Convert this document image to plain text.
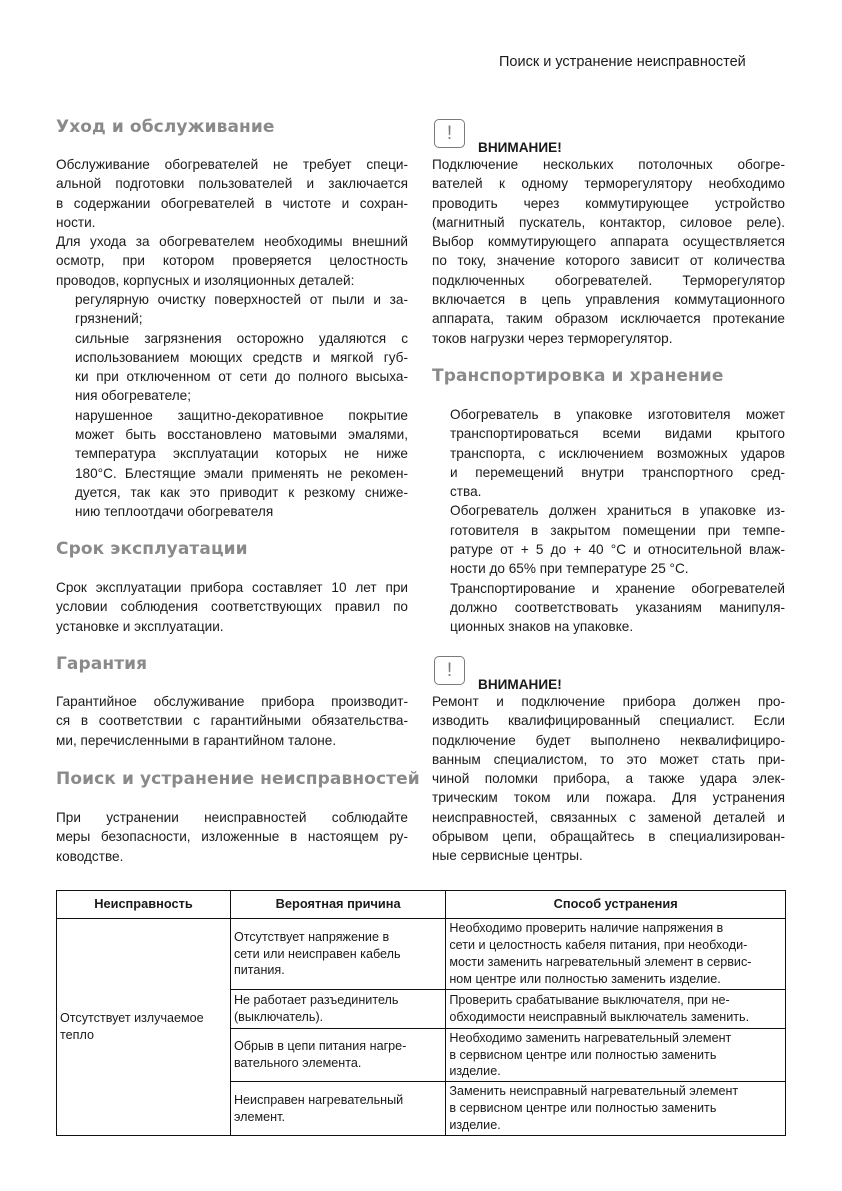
Поиск и устранение неисправностей
Уход и обслуживание
Обслуживание обогревателей не требует специ-
альной подготовки пользователей и заключается
в содержании обогревателей в чистоте и сохран-
ности.
Для ухода за обогревателем необходимы внешний
осмотр, при котором проверяется целостность
проводов, корпусных и изоляционных деталей:
регулярную очистку поверхностей от пыли и за-
грязнений;
сильные загрязнения осторожно удаляются с
использованием моющих средств и мягкой губ-
ки при отключенном от сети до полного высыха-
ния обогревателе;
нарушенное защитно-декоративное покрытие
может быть восстановлено матовыми эмалями,
температура эксплуатации которых не ниже
180°С. Блестящие эмали применять не рекомен-
дуется, так как это приводит к резкому сниже-
нию теплоотдачи обогревателя
Срок эксплуатации
Срок эксплуатации прибора составляет 10 лет при
условии соблюдения соответствующих правил по
установке и эксплуатации.
Гарантия
Гарантийное обслуживание прибора производит-
ся в соответствии с гарантийными обязательства-
ми, перечисленными в гарантийном талоне.
Поиск и устранение неисправностей
При устранении неисправностей соблюдайте
меры безопасности, изложенные в настоящем ру-
ководстве.
!
ВНИМАНИЕ!
Подключение нескольких потолочных обогре-
вателей к одному терморегулятору необходимо
проводить через коммутирующее устройство
(магнитный пускатель, контактор, силовое реле).
Выбор коммутирующего аппарата осуществляется
по току, значение которого зависит от количества
подключенных обогревателей. Терморегулятор
включается в цепь управления коммутационного
аппарата, таким образом исключается протекание
токов нагрузки через терморегулятор.
Транспортировка и хранение
Обогреватель в упаковке изготовителя может
транспортироваться всеми видами крытого
транспорта, с исключением возможных ударов
и перемещений внутри транспортного сред-
ства.
Обогреватель должен храниться в упаковке из-
готовителя в закрытом помещении при темпе-
ратуре от + 5 до + 40 °С и относительной влаж-
ности до 65% при температуре 25 °С.
Транспортирование и хранение обогревателей
должно соответствовать указаниям манипуля-
ционных знаков на упаковке.
!
ВНИМАНИЕ!
Ремонт и подключение прибора должен про-
изводить квалифицированный специалист. Если
подключение будет выполнено неквалифициро-
ванным специалистом, то это может стать при-
чиной поломки прибора, а также удара элек-
трическим током или пожара. Для устранения
неисправностей, связанных с заменой деталей и
обрывом цепи, обращайтесь в специализирован-
ные сервисные центры.
Неисправность	Вероятная причина	Способ устранения

Отсутствует излучаемое
тепло	Отсутствует напряжение в
сети или неисправен кабель
питания.	Необходимо проверить наличие напряжения в
сети и целостность кабеля питания, при необходи-
мости заменить нагревательный элемент в сервис-
ном центре или полностью заменить изделие.

	Не работает разъединитель
(выключатель).	Проверить срабатывание выключателя, при не-
обходимости неисправный выключатель заменить.

	Обрыв в цепи питания нагре-
вательного элемента.	Необходимо заменить нагревательный элемент
в сервисном центре или полностью заменить
изделие.

	Неисправен нагревательный
элемент.	Заменить неисправный нагревательный элемент
в сервисном центре или полностью заменить
изделие.
